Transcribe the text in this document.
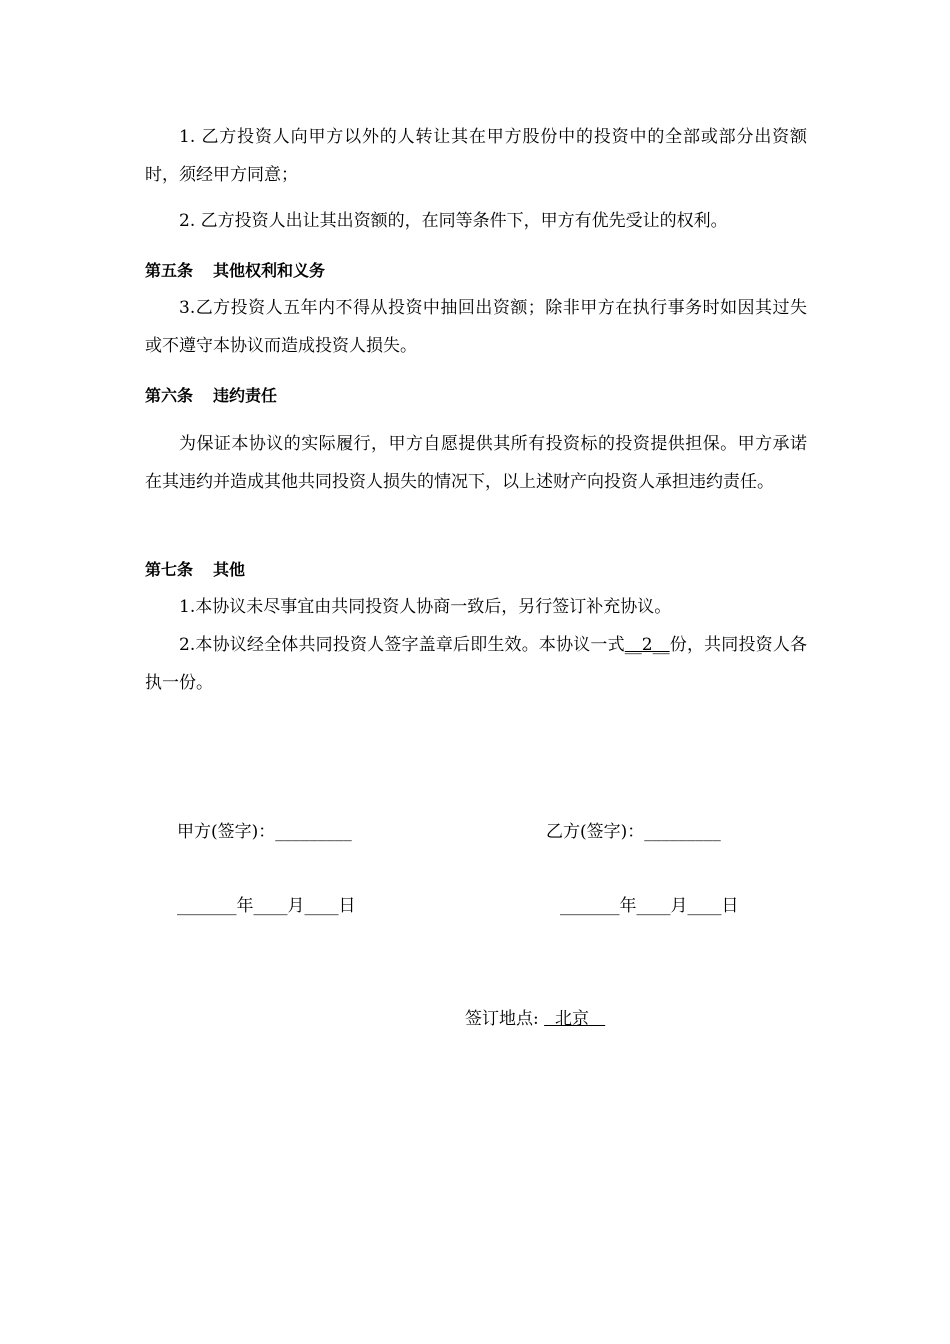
1. 乙方投资人向甲方以外的人转让其在甲方股份中的投资中的全部或部分出资额时，须经甲方同意；

2. 乙方投资人出让其出资额的，在同等条件下，甲方有优先受让的权利。

第五条 其他权利和义务

3.乙方投资人五年内不得从投资中抽回出资额；除非甲方在执行事务时如因其过失或不遵守本协议而造成投资人损失。

第六条 违约责任

为保证本协议的实际履行，甲方自愿提供其所有投资标的投资提供担保。甲方承诺在其违约并造成其他共同投资人损失的情况下，以上述财产向投资人承担违约责任。

第七条 其他

1.本协议未尽事宜由共同投资人协商一致后，另行签订补充协议。

2.本协议经全体共同投资人签字盖章后即生效。本协议一式__2__份，共同投资人各执一份。

甲方(签字)：_________	乙方(签字)：_________
_______年____月____日	_______年____月____日
签订地点:   北京
